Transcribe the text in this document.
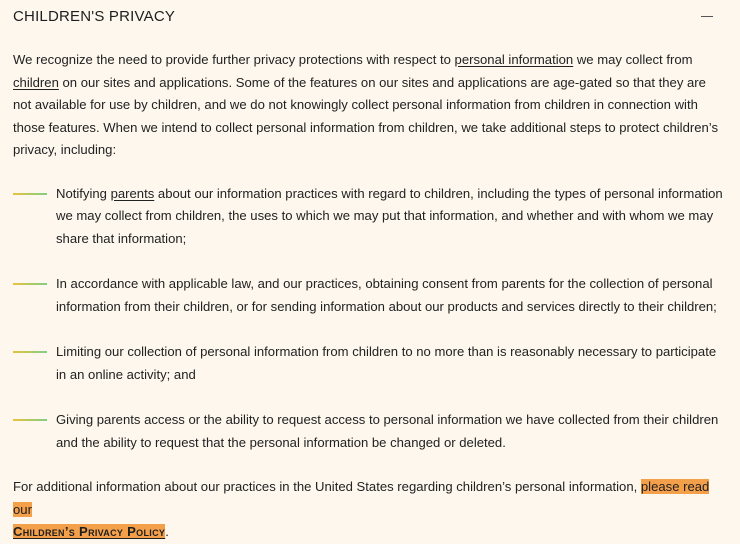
CHILDREN'S PRIVACY

We recognize the need to provide further privacy protections with respect to personal information we may collect from children on our sites and applications. Some of the features on our sites and applications are age-gated so that they are not available for use by children, and we do not knowingly collect personal information from children in connection with those features. When we intend to collect personal information from children, we take additional steps to protect children’s privacy, including:

Notifying parents about our information practices with regard to children, including the types of personal information we may collect from children, the uses to which we may put that information, and whether and with whom we may share that information;
In accordance with applicable law, and our practices, obtaining consent from parents for the collection of personal information from their children, or for sending information about our products and services directly to their children;
Limiting our collection of personal information from children to no more than is reasonably necessary to participate in an online activity; and
Giving parents access or the ability to request access to personal information we have collected from their children and the ability to request that the personal information be changed or deleted.

For additional information about our practices in the United States regarding children’s personal information, please read our
Children’s Privacy Policy.
